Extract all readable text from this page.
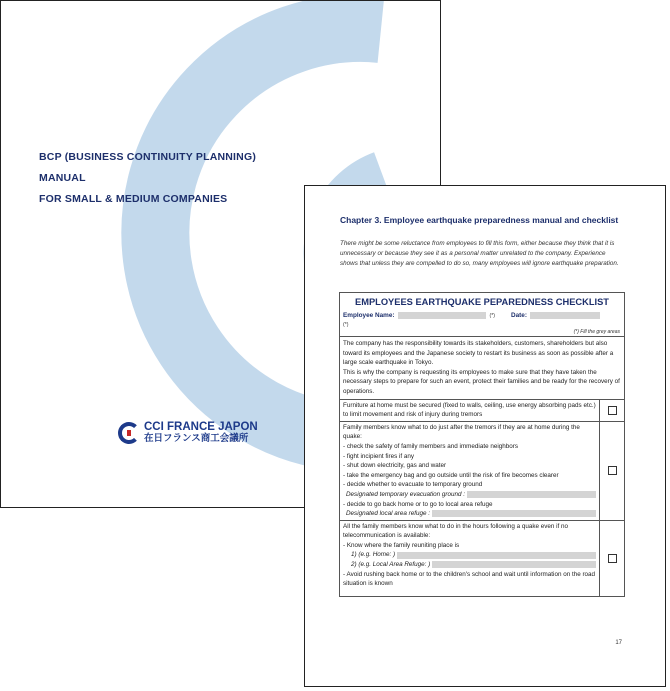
BCP (BUSINESS CONTINUITY PLANNING)
MANUAL
FOR SMALL & MEDIUM COMPANIES
CCI FRANCE JAPON
在日フランス商工会議所
Chapter 3. Employee earthquake preparedness manual and checklist
There might be some reluctance from employees to fill this form, either because they think that it is unnecessary or because they see it as a personal matter unrelated to the company. Experience shows that unless they are compelled to do so, many employees will ignore earthquake preparation.
EMPLOYEES EARTHQUAKE PEPAREDNESS CHECKLIST
Employee Name:	(*)	Date:
(*)
(*) Fill the grey areas
The company has the responsibility towards its stakeholders, customers, shareholders but also toward its employees and the Japanese society to restart its business as soon as possible after a large scale earthquake in Tokyo.
This is why the company is requesting its employees to make sure that they have taken the necessary steps to prepare for such an event, protect their families and be ready for the recovery of operations.
Furniture at home must be secured (fixed to walls, ceiling, use energy absorbing pads etc.) to limit movement and risk of injury during tremors
Family members know what to do just after the tremors if they are at home during the quake:
- check the safety of family members and immediate neighbors
- fight incipient fires if any
- shut down electricity, gas and water
- take the emergency bag and go outside until the risk of fire becomes clearer
- decide whether to evacuate to temporary ground
Designated temporary evacuation ground :
- decide to go back home or to go to local area refuge
Designated local area refuge :
All the family members know what to do in the hours following a quake even if no telecommunication is available:
- Know where the family reuniting place is
1) (e.g. Home: )
2) (e.g. Local Area Refuge: )
- Avoid rushing back home or to the children's school and wait until information on the road situation is known
17
